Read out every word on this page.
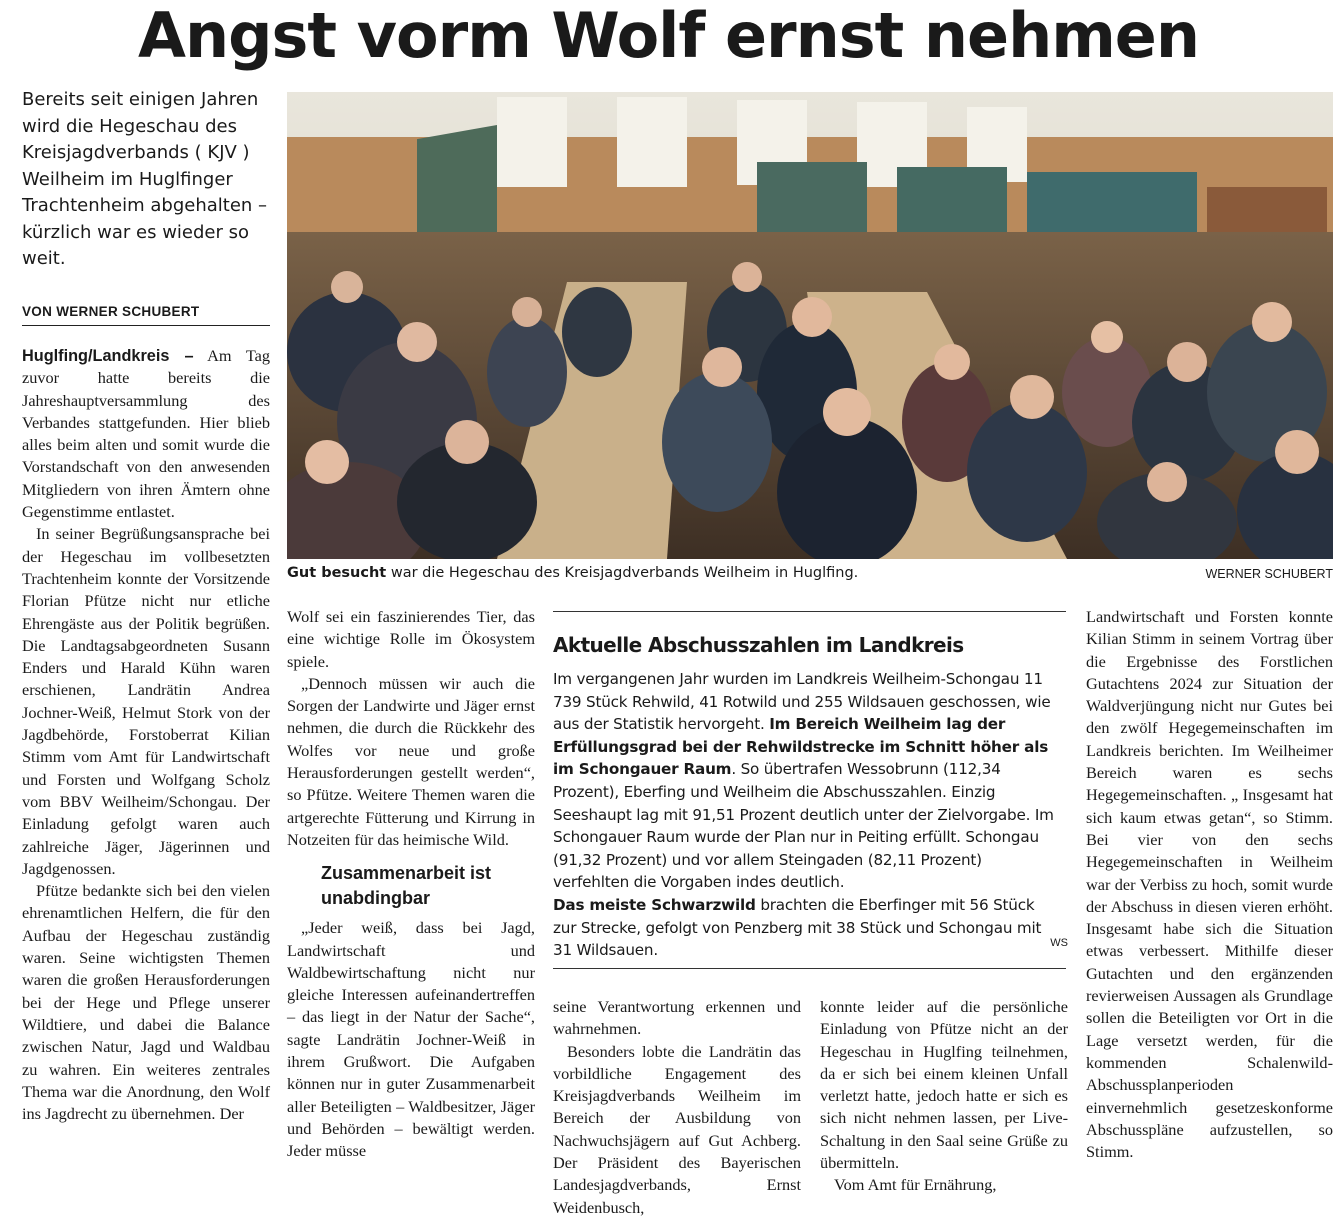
Angst vorm Wolf ernst nehmen
Bereits seit einigen Jahren wird die Hegeschau des Kreisjagdverbands ( KJV ) Weilheim im Huglfinger Trachtenheim abgehalten – kürzlich war es wieder so weit.
VON WERNER SCHUBERT

Huglfing/Landkreis – Am Tag zuvor hatte bereits die Jahreshauptversammlung des Verbandes stattgefunden. Hier blieb alles beim alten und somit wurde die Vorstandschaft von den anwesenden Mitgliedern von ihren Ämtern ohne Gegenstimme entlastet.

In seiner Begrüßungsansprache bei der Hegeschau im vollbesetzten Trachtenheim konnte der Vorsitzende Florian Pfütze nicht nur etliche Ehrengäste aus der Politik begrüßen. Die Landtagsabgeordneten Susann Enders und Harald Kühn waren erschienen, Landrätin Andrea Jochner-Weiß, Helmut Stork von der Jagdbehörde, Forstoberrat Kilian Stimm vom Amt für Landwirtschaft und Forsten und Wolfgang Scholz vom BBV Weilheim/Schongau. Der Einladung gefolgt waren auch zahlreiche Jäger, Jägerinnen und Jagdgenossen.

Pfütze bedankte sich bei den vielen ehrenamtlichen Helfern, die für den Aufbau der Hegeschau zuständig waren. Seine wichtigsten Themen waren die großen Herausforderungen bei der Hege und Pflege unserer Wildtiere, und dabei die Balance zwischen Natur, Jagd und Waldbau zu wahren. Ein weiteres zentrales Thema war die Anordnung, den Wolf ins Jagdrecht zu übernehmen. Der

Gut besucht war die Hegeschau des Kreisjagdverbands Weilheim in Huglfing.	WERNER SCHUBERT

Wolf sei ein faszinierendes Tier, das eine wichtige Rolle im Ökosystem spiele.

„Dennoch müssen wir auch die Sorgen der Landwirte und Jäger ernst nehmen, die durch die Rückkehr des Wolfes vor neue und große Herausforderungen gestellt werden“, so Pfütze. Weitere Themen waren die artgerechte Fütterung und Kirrung in Notzeiten für das heimische Wild.

Zusammenarbeit ist unabdingbar

„Jeder weiß, dass bei Jagd, Landwirtschaft und Waldbewirtschaftung nicht nur gleiche Interessen aufeinandertreffen – das liegt in der Natur der Sache“, sagte Landrätin Jochner-Weiß in ihrem Grußwort. Die Aufgaben können nur in guter Zusammenarbeit aller Beteiligten – Waldbesitzer, Jäger und Behörden – bewältigt werden. Jeder müsse

Aktuelle Abschusszahlen im Landkreis
Im vergangenen Jahr wurden im Landkreis Weilheim-Schongau 11 739 Stück Rehwild, 41 Rotwild und 255 Wildsauen geschossen, wie aus der Statistik hervorgeht. Im Bereich Weilheim lag der Erfüllungsgrad bei der Rehwildstrecke im Schnitt höher als im Schongauer Raum. So übertrafen Wessobrunn (112,34 Prozent), Eberfing und Weilheim die Abschusszahlen. Einzig Seeshaupt lag mit 91,51 Prozent deutlich unter der Zielvorgabe. Im Schongauer Raum wurde der Plan nur in Peiting erfüllt. Schongau (91,32 Prozent) und vor allem Steingaden (82,11 Prozent) verfehlten die Vorgaben indes deutlich.
Das meiste Schwarzwild brachten die Eberfinger mit 56 Stück zur Strecke, gefolgt von Penzberg mit 38 Stück und Schongau mit 31 Wildsauen.	WS

seine Verantwortung erkennen und wahrnehmen.

Besonders lobte die Landrätin das vorbildliche Engagement des Kreisjagdverbands Weilheim im Bereich der Ausbildung von Nachwuchsjägern auf Gut Achberg. Der Präsident des Bayerischen Landesjagdverbands, Ernst Weidenbusch,

konnte leider auf die persönliche Einladung von Pfütze nicht an der Hegeschau in Huglfing teilnehmen, da er sich bei einem kleinen Unfall verletzt hatte, jedoch hatte er sich es sich nicht nehmen lassen, per Live-Schaltung in den Saal seine Grüße zu übermitteln.

Vom Amt für Ernährung,

Landwirtschaft und Forsten konnte Kilian Stimm in seinem Vortrag über die Ergebnisse des Forstlichen Gutachtens 2024 zur Situation der Waldverjüngung nicht nur Gutes bei den zwölf Hegegemeinschaften im Landkreis berichten. Im Weilheimer Bereich waren es sechs Hegegemeinschaften. „ Insgesamt hat sich kaum etwas getan“, so Stimm. Bei vier von den sechs Hegegemeinschaften in Weilheim war der Verbiss zu hoch, somit wurde der Abschuss in diesen vieren erhöht. Insgesamt habe sich die Situation etwas verbessert. Mithilfe dieser Gutachten und den ergänzenden revierweisen Aussagen als Grundlage sollen die Beteiligten vor Ort in die Lage versetzt werden, für die kommenden Schalenwild-Abschussplanperioden einvernehmlich gesetzeskonforme Abschusspläne aufzustellen, so Stimm.
